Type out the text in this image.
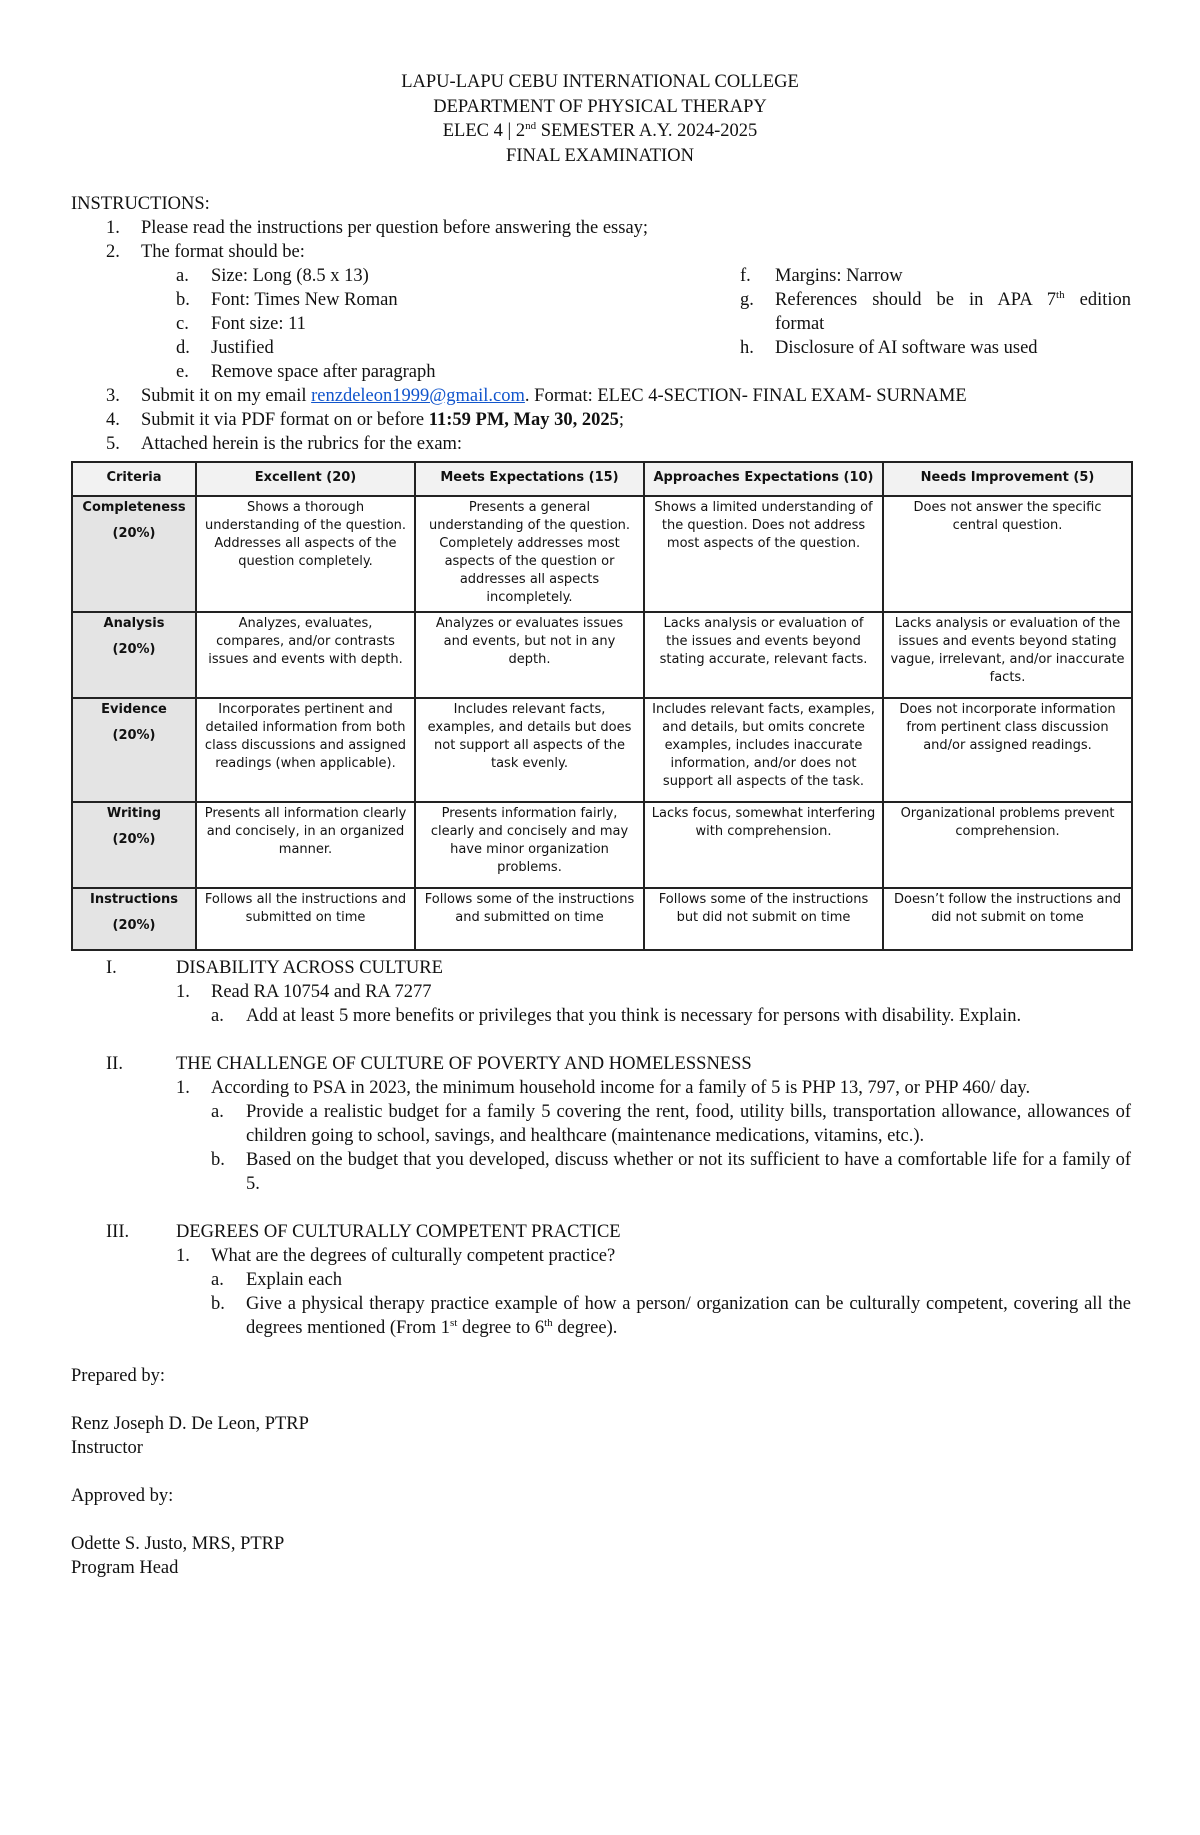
LAPU-LAPU CEBU INTERNATIONAL COLLEGE
DEPARTMENT OF PHYSICAL THERAPY
ELEC 4 | 2nd SEMESTER A.Y. 2024-2025
FINAL EXAMINATION
INSTRUCTIONS:
1. Please read the instructions per question before answering the essay;
2. The format should be:
a. Size: Long (8.5 x 13)
b. Font: Times New Roman
c. Font size: 11
d. Justified
e. Remove space after paragraph
f. Margins: Narrow
g. References should be in APA 7th edition
format
h. Disclosure of AI software was used
3. Submit it on my email renzdeleon1999@gmail.com. Format: ELEC 4-SECTION- FINAL EXAM- SURNAME
4. Submit it via PDF format on or before 11:59 PM, May 30, 2025;
5. Attached herein is the rubrics for the exam:
Criteria	Excellent (20)	Meets Expectations (15)	Approaches Expectations (10)	Needs Improvement (5)
Completeness
(20%)	Shows a thorough understanding of the question. Addresses all aspects of the question completely.	Presents a general understanding of the question. Completely addresses most aspects of the question or addresses all aspects incompletely.	Shows a limited understanding of the question. Does not address most aspects of the question.	Does not answer the specific central question.
Analysis
(20%)	Analyzes, evaluates, compares, and/or contrasts issues and events with depth.	Analyzes or evaluates issues and events, but not in any depth.	Lacks analysis or evaluation of the issues and events beyond stating accurate, relevant facts.	Lacks analysis or evaluation of the issues and events beyond stating vague, irrelevant, and/or inaccurate facts.
Evidence
(20%)	Incorporates pertinent and detailed information from both class discussions and assigned readings (when applicable).	Includes relevant facts, examples, and details but does not support all aspects of the task evenly.	Includes relevant facts, examples, and details, but omits concrete examples, includes inaccurate information, and/or does not support all aspects of the task.	Does not incorporate information from pertinent class discussion and/or assigned readings.
Writing
(20%)	Presents all information clearly and concisely, in an organized manner.	Presents information fairly, clearly and concisely and may have minor organization problems.	Lacks focus, somewhat interfering with comprehension.	Organizational problems prevent comprehension.
Instructions
(20%)	Follows all the instructions and submitted on time	Follows some of the instructions and submitted on time	Follows some of the instructions but did not submit on time	Doesn’t follow the instructions and did not submit on tome
I.	DISABILITY ACROSS CULTURE
1. Read RA 10754 and RA 7277
a. Add at least 5 more benefits or privileges that you think is necessary for persons with disability. Explain.
II.	THE CHALLENGE OF CULTURE OF POVERTY AND HOMELESSNESS
1. According to PSA in 2023, the minimum household income for a family of 5 is PHP 13, 797, or PHP 460/ day.
a. Provide a realistic budget for a family 5 covering the rent, food, utility bills, transportation allowance, allowances of children going to school, savings, and healthcare (maintenance medications, vitamins, etc.).
b. Based on the budget that you developed, discuss whether or not its sufficient to have a comfortable life for a family of 5.
III.	DEGREES OF CULTURALLY COMPETENT PRACTICE
1. What are the degrees of culturally competent practice?
a. Explain each
b. Give a physical therapy practice example of how a person/ organization can be culturally competent, covering all the degrees mentioned (From 1st degree to 6th degree).
Prepared by:
Renz Joseph D. De Leon, PTRP
Instructor
Approved by:
Odette S. Justo, MRS, PTRP
Program Head
